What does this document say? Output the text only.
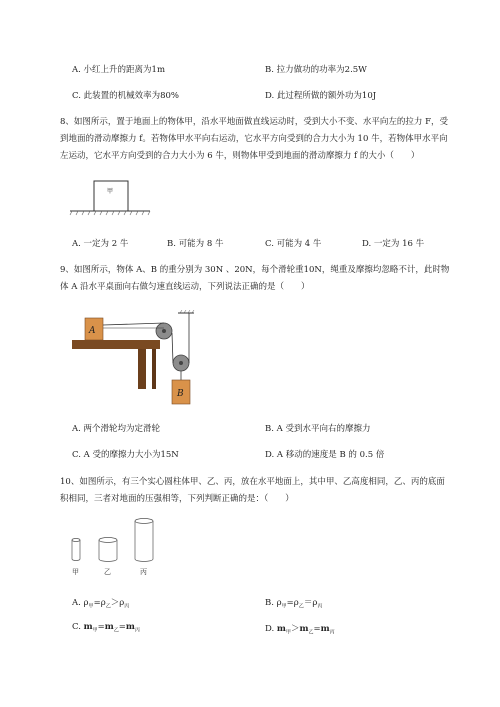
A. 小红上升的距离为1m	B. 拉力做功的功率为2.5W
C. 此装置的机械效率为80%	D. 此过程所做的额外功为10J
8、如图所示，置于地面上的物体甲，沿水平地面做直线运动时，受到大小不变、水平向左的拉力 F，受到地面的滑动摩擦力 f。若物体甲水平向右运动，它水平方向受到的合力大小为 10 牛，若物体甲水平向左运动，它水平方向受到的合力大小为 6 牛，则物体甲受到地面的滑动摩擦力 f 的大小（　　）
甲
A. 一定为 2 牛	B. 可能为 8 牛	C. 可能为 4 牛	D. 一定为 16 牛
9、如图所示，物体 A、B 的重分别为 30N 、20N，每个滑轮重10N，绳重及摩擦均忽略不计，此时物体 A 沿水平桌面向右做匀速直线运动，下列说法正确的是（　　）
A
B
A. 两个滑轮均为定滑轮	B. A 受到水平向右的摩擦力
C. A 受的摩擦力大小为15N	D. A 移动的速度是 B 的 0.5 倍
10、如图所示，有三个实心圆柱体甲、乙、丙，放在水平地面上，其中甲、乙高度相同，乙、丙的底面积相同，三者对地面的压强相等，下列判断正确的是：（　　）
甲	乙	丙
A. $\rho_甲=\rho_乙>\rho_丙$	B. $\rho_甲=\rho_乙=\rho_丙$
C. $m_甲=m_乙=m_丙$	D. $m_甲>m_乙=m_丙$
